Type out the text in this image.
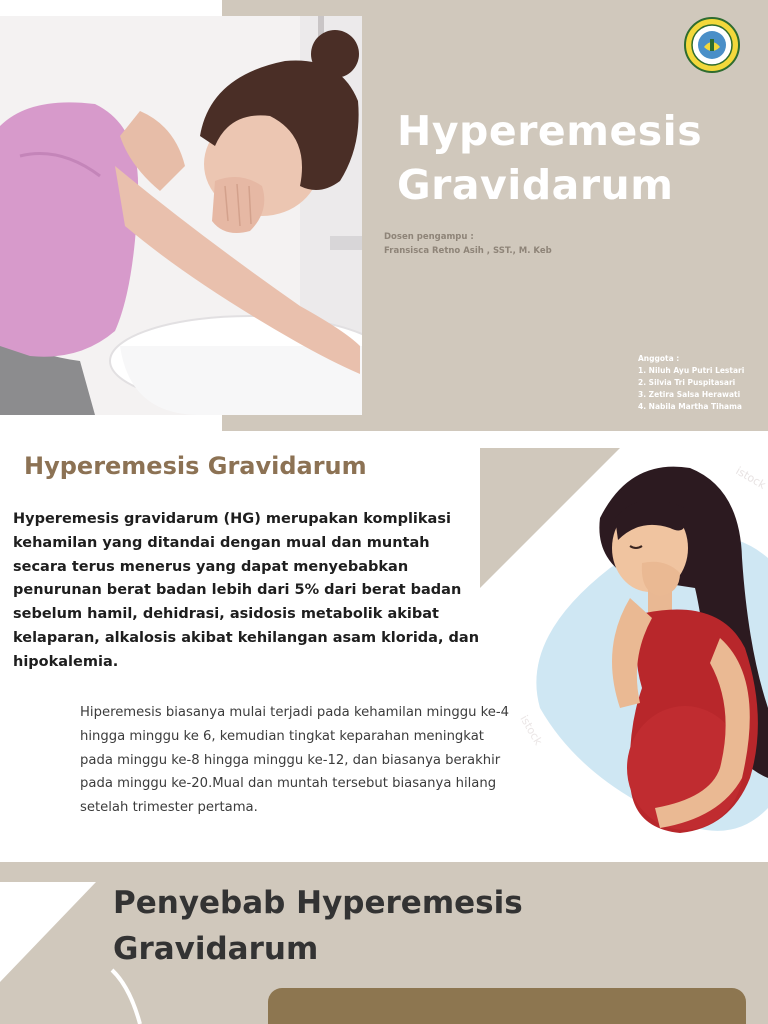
Hyperemesis
Gravidarum
Dosen pengampu :
Fransisca Retno Asih , SST., M. Keb
Anggota :
1. Niluh Ayu Putri Lestari
2. Silvia Tri Puspitasari
3. Zetira Salsa Herawati
4. Nabila Martha Tihama
Hyperemesis Gravidarum

Hyperemesis gravidarum (HG) merupakan komplikasi kehamilan yang ditandai dengan mual dan muntah secara terus menerus yang dapat menyebabkan penurunan berat badan lebih dari 5% dari berat badan sebelum hamil, dehidrasi, asidosis metabolik akibat kelaparan, alkalosis akibat kehilangan asam klorida, dan hipokalemia.

Hiperemesis biasanya mulai terjadi pada kehamilan minggu ke-4 hingga minggu ke 6, kemudian tingkat keparahan meningkat pada minggu ke-8 hingga minggu ke-12, dan biasanya berakhir pada minggu ke-20.Mual dan muntah tersebut biasanya hilang setelah trimester pertama.

istock
istock
Penyebab Hyperemesis
Gravidarum
